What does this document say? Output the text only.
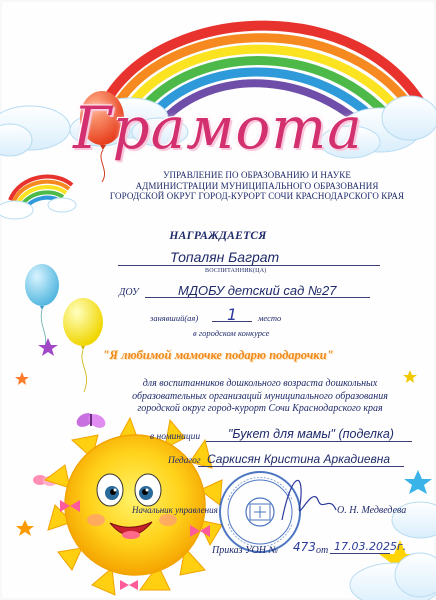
Грамота
УПРАВЛЕНИЕ ПО ОБРАЗОВАНИЮ И НАУКЕ
АДМИНИСТРАЦИИ МУНИЦИПАЛЬНОГО ОБРАЗОВАНИЯ
ГОРОДСКОЙ ОКРУГ ГОРОД-КУРОРТ СОЧИ КРАСНОДАРСКОГО КРАЯ
НАГРАЖДАЕТСЯ
Топалян Баграт
ВОСПИТАННИК(ЦА)
ДОУ	МДОБУ детский сад №27
занявший(ая) 1 место
в городском конкурсе
"Я любимой мамочке подарю подарочки"
для воспитанников дошкольного возраста дошкольных
образовательных организаций муниципального образования
городской округ город-курорт Сочи Краснодарского края
в номинации "Букет для мамы" (поделка)
Педагог Саркисян Кристина Аркадиевна
Начальник управления	О. Н. Медведева
Приказ УОН № 473 от 17.03.2025г.
